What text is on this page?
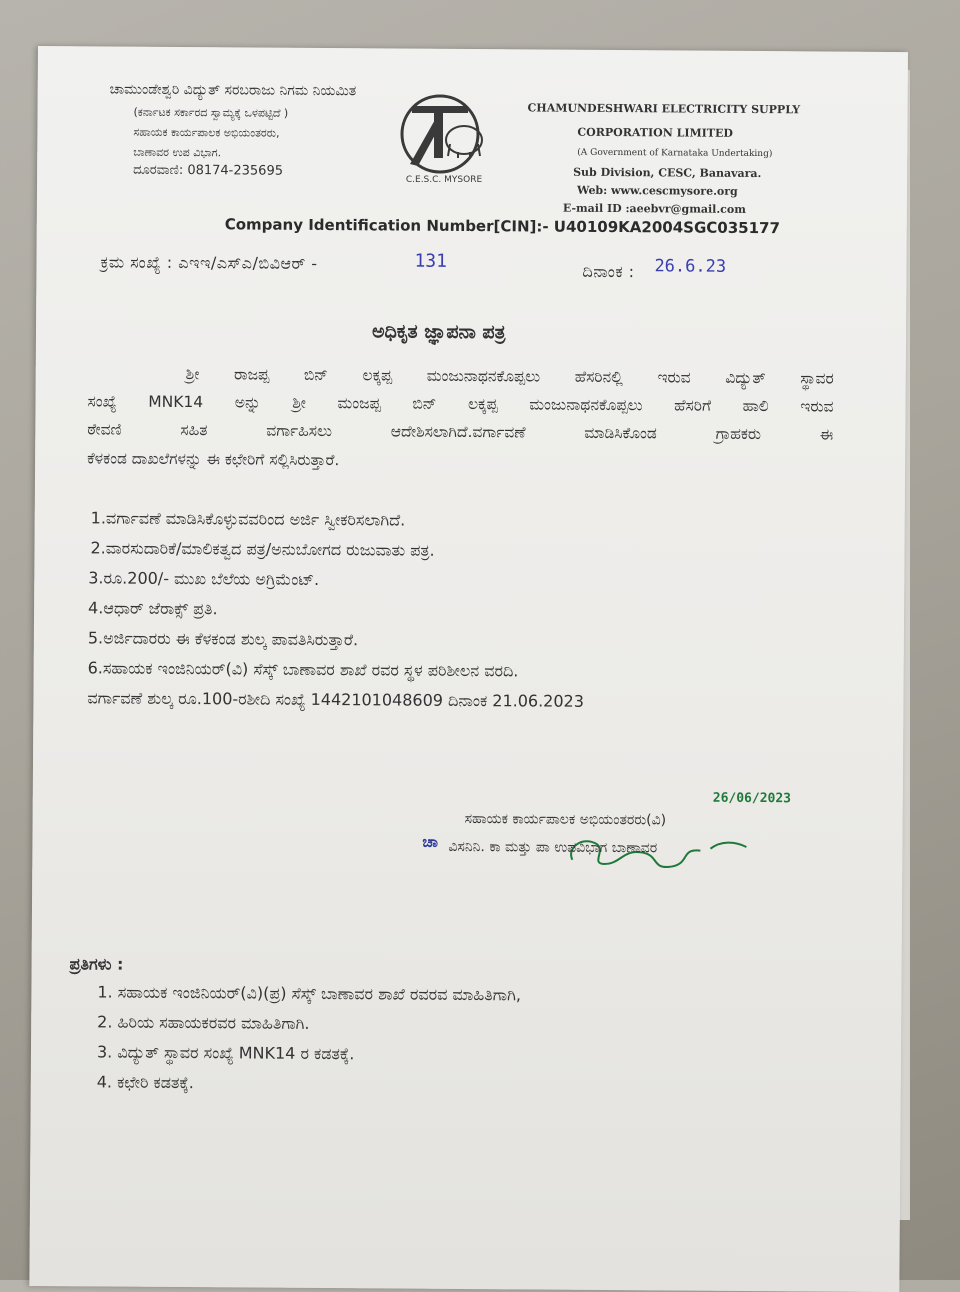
ಚಾಮುಂಡೇಶ್ವರಿ ವಿದ್ಯುತ್ ಸರಬರಾಜು ನಿಗಮ ನಿಯಮಿತ
(ಕರ್ನಾಟಕ ಸರ್ಕಾರದ ಸ್ವಾಮ್ಯಕ್ಕೆ ಒಳಪಟ್ಟಿದೆ )
ಸಹಾಯಕ ಕಾರ್ಯಪಾಲಕ ಅಭಿಯಂತರರು,
ಬಾಣಾವರ ಉಪ ವಿಭಾಗ.
ದೂರವಾಣಿ: 08174-235695
CHAMUNDESHWARI ELECTRICITY SUPPLY
CORPORATION LIMITED
(A Government of Karnataka Undertaking)
Sub Division, CESC, Banavara.
Web: www.cescmysore.org
E-mail ID :aeebvr@gmail.com
Company Identification Number[CIN]:- U40109KA2004SGC035177
ಕ್ರಮ ಸಂಖ್ಯೆ : ಎಇಇ/ಎಸ್ಎ/ಬಿವಿಆರ್ -	131	ದಿನಾಂಕ : 26.6.23
ಅಧಿಕೃತ ಜ್ಞಾಪನಾ ಪತ್ರ
ಶ್ರೀ ರಾಜಪ್ಪ ಬಿನ್ ಲಕ್ಕಪ್ಪ ಮಂಜುನಾಥನಕೊಪ್ಪಲು ಹೆಸರಿನಲ್ಲಿ ಇರುವ ವಿದ್ಯುತ್ ಸ್ಥಾವರ
ಸಂಖ್ಯೆ MNK14 ಅನ್ನು ಶ್ರೀ ಮಂಜಪ್ಪ ಬಿನ್ ಲಕ್ಕಪ್ಪ ಮಂಜುನಾಥನಕೊಪ್ಪಲು ಹೆಸರಿಗೆ ಹಾಲಿ ಇರುವ
ಠೇವಣಿ ಸಹಿತ ವರ್ಗಾಹಿಸಲು ಆದೇಶಿಸಲಾಗಿದೆ.ವರ್ಗಾವಣೆ ಮಾಡಿಸಿಕೊಂಡ ಗ್ರಾಹಕರು ಈ
ಕೆಳಕಂಡ ದಾಖಲೆಗಳನ್ನು ಈ ಕಛೇರಿಗೆ ಸಲ್ಲಿಸಿರುತ್ತಾರೆ.
1.ವರ್ಗಾವಣೆ ಮಾಡಿಸಿಕೊಳ್ಳುವವರಿಂದ ಅರ್ಜಿ ಸ್ವೀಕರಿಸಲಾಗಿದೆ.
2.ವಾರಸುದಾರಿಕೆ/ಮಾಲಿಕತ್ವದ ಪತ್ರ/ಅನುಬೋಗದ ರುಜುವಾತು ಪತ್ರ.
3.ರೂ.200/- ಮುಖ ಬೆಲೆಯ ಅಗ್ರಿಮೆಂಟ್.
4.ಆಧಾರ್ ಜೆರಾಕ್ಸ್ ಪ್ರತಿ.
5.ಅರ್ಜಿದಾರರು ಈ ಕೆಳಕಂಡ ಶುಲ್ಕ ಪಾವತಿಸಿರುತ್ತಾರೆ.
6.ಸಹಾಯಕ ಇಂಜಿನಿಯರ್(ವಿ) ಸೆಸ್ಕ್ ಬಾಣಾವರ ಶಾಖೆ ರವರ ಸ್ಥಳ ಪರಿಶೀಲನ ವರದಿ.
ವರ್ಗಾವಣೆ ಶುಲ್ಕ ರೂ.100-ರಶೀದಿ ಸಂಖ್ಯೆ 1442101048609 ದಿನಾಂಕ 21.06.2023
26/06/2023
ಸಹಾಯಕ ಕಾರ್ಯಪಾಲಕ ಅಭಿಯಂತರರು(ವಿ)
ಚಾ ವಿಸನಿನಿ. ಕಾ ಮತ್ತು ಪಾ ಉಪವಿಭಾಗ ಬಾಣಾವರ
ಪ್ರತಿಗಳು :
1. ಸಹಾಯಕ ಇಂಜಿನಿಯರ್(ವಿ)(ಪ್ರ) ಸೆಸ್ಕ್ ಬಾಣಾವರ ಶಾಖೆ ರವರವ ಮಾಹಿತಿಗಾಗಿ,
2. ಹಿರಿಯ ಸಹಾಯಕರವರ ಮಾಹಿತಿಗಾಗಿ.
3. ವಿದ್ಯುತ್ ಸ್ಥಾವರ ಸಂಖ್ಯೆ MNK14 ರ ಕಡತಕ್ಕೆ.
4. ಕಛೇರಿ ಕಡತಕ್ಕೆ.
C.E.S.C. MYSORE
